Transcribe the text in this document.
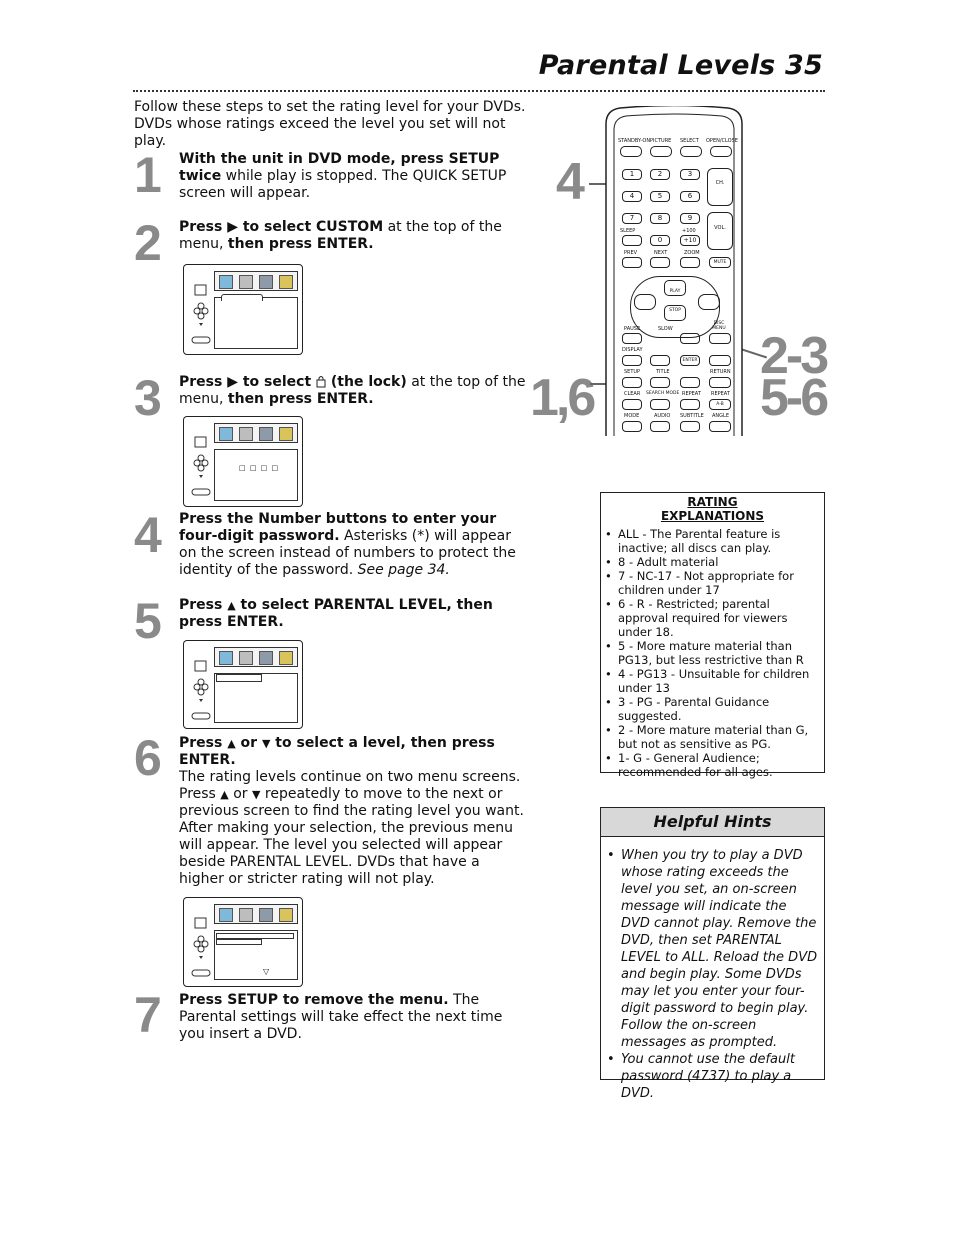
Parental Levels 35
Follow these steps to set the rating level for your DVDs. DVDs whose ratings exceed the level you set will not play.
1
2
3
4
5
6
7
With the unit in DVD mode, press SETUP twice while play is stopped. The QUICK SETUP screen will appear.
Press ▶ to select CUSTOM at the top of the menu, then press ENTER.
Press ▶ to select  (the lock) at the top of the menu, then press ENTER.
□ □ □ □
Press the Number buttons to enter your four-digit password. Asterisks (*) will appear on the screen instead of numbers to protect the identity of the password. See page 34.
Press ▲ to select PARENTAL LEVEL, then press ENTER.
Press ▲ or ▼ to select a level, then press ENTER.
The rating levels continue on two menu screens. Press ▲ or ▼ repeatedly to move to the next or previous screen to find the rating level you want. After making your selection, the previous menu will appear. The level you selected will appear beside PARENTAL LEVEL. DVDs that have a higher or stricter rating will not play.
▽
Press SETUP to remove the menu. The Parental settings will take effect the next time you insert a DVD.
4
2-3
1,6	5-6
STANDBY-ON PICTURE SELECT OPEN/CLOSE
1	2	3
4	5	6
CH.
7	8	9
SLEEP
0
+100
+10
VOL.
PREV	NEXT	ZOOM
MUTE
PLAY
STOP
PAUSE	SLOW
DISC MENU
DISPLAY
ENTER
SETUP	TITLE	RETURN
CLEAR SEARCH MODE REPEAT REPEAT
A-B
MODE	AUDIO SUBTITLE ANGLE
RATING
EXPLANATIONS
• ALL - The Parental feature is inactive; all discs can play.
• 8 - Adult material
• 7 - NC-17 - Not appropriate for children under 17
• 6 - R - Restricted; parental approval required for viewers under 18.
• 5 - More mature material than PG13, but less restrictive than R
• 4 - PG13 - Unsuitable for children under 13
• 3 - PG - Parental Guidance suggested.
• 2 - More mature material than G, but not as sensitive as PG.
• 1- G - General Audience; recommended for all ages.
Helpful Hints
• When you try to play a DVD whose rating exceeds the level you set, an on-screen message will indicate the DVD cannot play. Remove the DVD, then set PARENTAL LEVEL to ALL. Reload the DVD and begin play. Some DVDs may let you enter your four-digit password to begin play. Follow the on-screen messages as prompted.
• You cannot use the default password (4737) to play a DVD.
